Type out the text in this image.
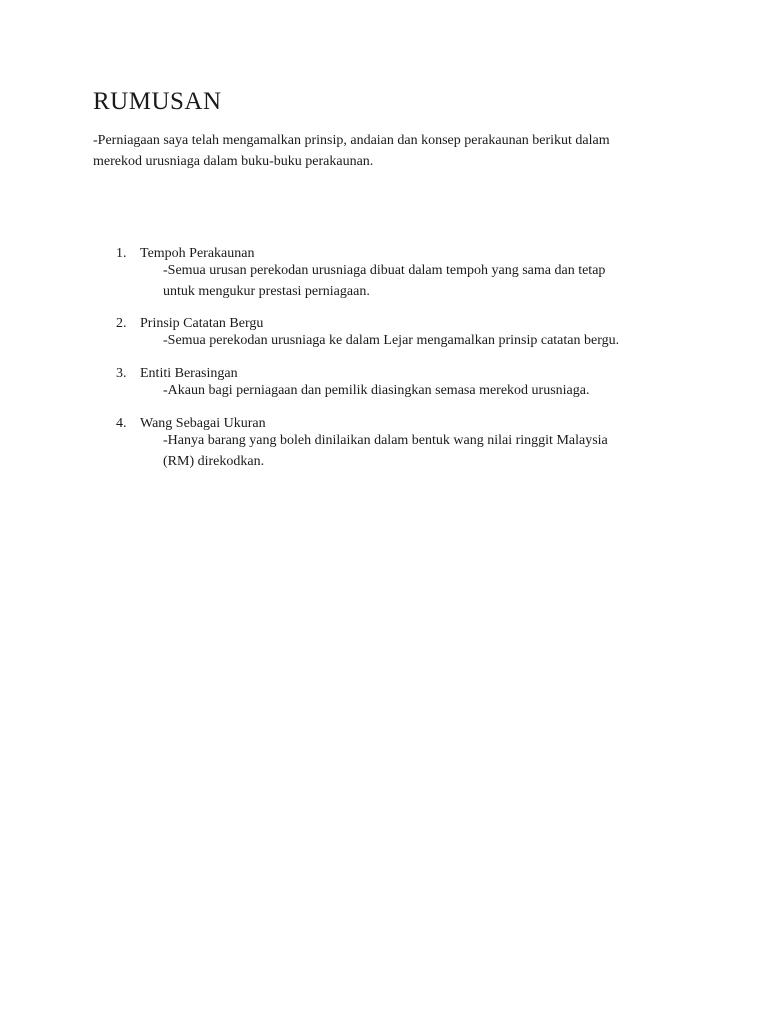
RUMUSAN

-Perniagaan saya telah mengamalkan prinsip, andaian dan konsep perakaunan berikut dalam
merekod urusniaga dalam buku-buku perakaunan.

1. Tempoh Perakaunan
-Semua urusan perekodan urusniaga dibuat dalam tempoh yang sama dan tetap
untuk mengukur prestasi perniagaan.
2. Prinsip Catatan Bergu
-Semua perekodan urusniaga ke dalam Lejar mengamalkan prinsip catatan bergu.
3. Entiti Berasingan
-Akaun bagi perniagaan dan pemilik diasingkan semasa merekod urusniaga.
4. Wang Sebagai Ukuran
-Hanya barang yang boleh dinilaikan dalam bentuk wang nilai ringgit Malaysia
(RM) direkodkan.
